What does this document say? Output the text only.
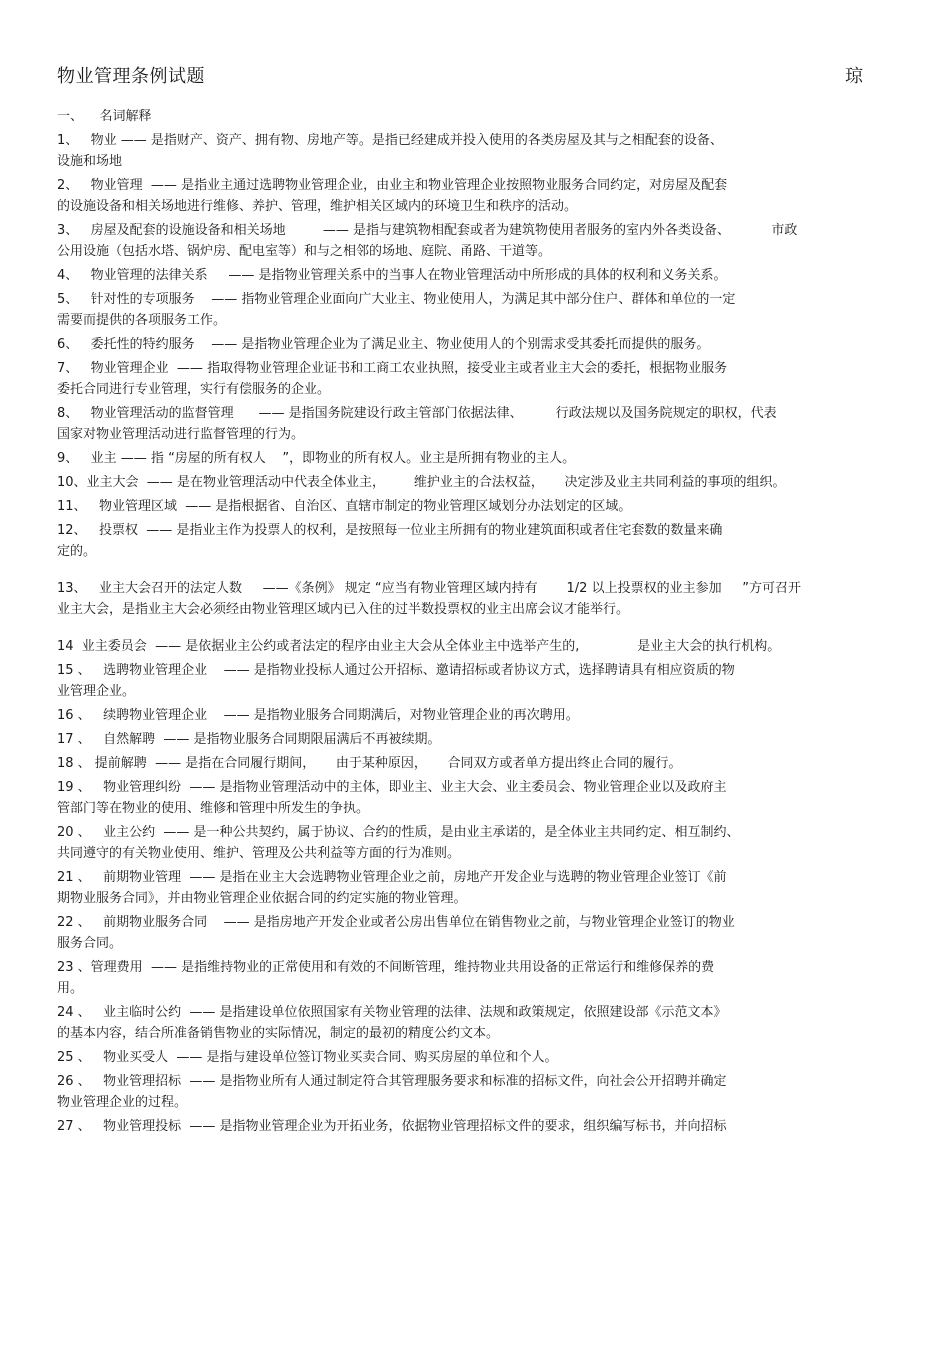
物业管理条例试题	琼
一、    名词解释
1、   物业 —— 是指财产、资产、拥有物、房地产等。是指已经建成并投入使用的各类房屋及其与之相配套的设备、
设施和场地
2、   物业管理  —— 是指业主通过选聘物业管理企业，由业主和物业管理企业按照物业服务合同约定，对房屋及配套
的设施设备和相关场地进行维修、养护、管理，维护相关区域内的环境卫生和秩序的活动。
3、   房屋及配套的设施设备和相关场地         —— 是指与建筑物相配套或者为建筑物使用者服务的室内外各类设备、          市政
公用设施（包括水塔、锅炉房、配电室等）和与之相邻的场地、庭院、甬路、干道等。
4、   物业管理的法律关系     —— 是指物业管理关系中的当事人在物业管理活动中所形成的具体的权利和义务关系。
5、   针对性的专项服务    —— 指物业管理企业面向广大业主、物业使用人，为满足其中部分住户、群体和单位的一定
需要而提供的各项服务工作。
6、   委托性的特约服务    —— 是指物业管理企业为了满足业主、物业使用人的个别需求受其委托而提供的服务。
7、   物业管理企业  —— 指取得物业管理企业证书和工商工农业执照，接受业主或者业主大会的委托，根据物业服务
委托合同进行专业管理，实行有偿服务的企业。
8、   物业管理活动的监督管理      —— 是指国务院建设行政主管部门依据法律、        行政法规以及国务院规定的职权，代表
国家对物业管理活动进行监督管理的行为。
9、   业主 —— 指 “房屋的所有权人    ”，即物业的所有权人。业主是所拥有物业的主人。
10、业主大会  —— 是在物业管理活动中代表全体业主，       维护业主的合法权益，     决定涉及业主共同利益的事项的组织。
11、   物业管理区域  —— 是指根据省、自治区、直辖市制定的物业管理区域划分办法划定的区域。
12、   投票权  —— 是指业主作为投票人的权利，是按照每一位业主所拥有的物业建筑面积或者住宅套数的数量来确
定的。
13、   业主大会召开的法定人数     ——《条例》 规定 “应当有物业管理区域内持有       1/2 以上投票权的业主参加     ”方可召开
业主大会，是指业主大会必须经由物业管理区域内已入住的过半数投票权的业主出席会议才能举行。
14  业主委员会  —— 是依据业主公约或者法定的程序由业主大会从全体业主中选举产生的,              是业主大会的执行机构。
15 、   选聘物业管理企业    —— 是指物业投标人通过公开招标、邀请招标或者协议方式，选择聘请具有相应资质的物
业管理企业。
16 、   续聘物业管理企业    —— 是指物业服务合同期满后，对物业管理企业的再次聘用。
17 、   自然解聘  —— 是指物业服务合同期限届满后不再被续期。
18 、 提前解聘  —— 是指在合同履行期间，     由于某种原因，     合同双方或者单方提出终止合同的履行。
19 、   物业管理纠纷  —— 是指物业管理活动中的主体，即业主、业主大会、业主委员会、物业管理企业以及政府主
管部门等在物业的使用、维修和管理中所发生的争执。
20 、   业主公约  —— 是一种公共契约，属于协议、合约的性质，是由业主承诺的，是全体业主共同约定、相互制约、
共同遵守的有关物业使用、维护、管理及公共利益等方面的行为准则。
21 、   前期物业管理  —— 是指在业主大会选聘物业管理企业之前，房地产开发企业与选聘的物业管理企业签订《前
期物业服务合同》，并由物业管理企业依据合同的约定实施的物业管理。
22 、   前期物业服务合同    —— 是指房地产开发企业或者公房出售单位在销售物业之前，与物业管理企业签订的物业
服务合同。
23 、管理费用  —— 是指维持物业的正常使用和有效的不间断管理，维持物业共用设备的正常运行和维修保养的费
用。
24 、   业主临时公约  —— 是指建设单位依照国家有关物业管理的法律、法规和政策规定，依照建设部《示范文本》
的基本内容，结合所准备销售物业的实际情况，制定的最初的精度公约文本。
25 、   物业买受人  —— 是指与建设单位签订物业买卖合同、购买房屋的单位和个人。
26 、   物业管理招标  —— 是指物业所有人通过制定符合其管理服务要求和标准的招标文件，向社会公开招聘并确定
物业管理企业的过程。
27 、   物业管理投标  —— 是指物业管理企业为开拓业务，依据物业管理招标文件的要求，组织编写标书，并向招标
